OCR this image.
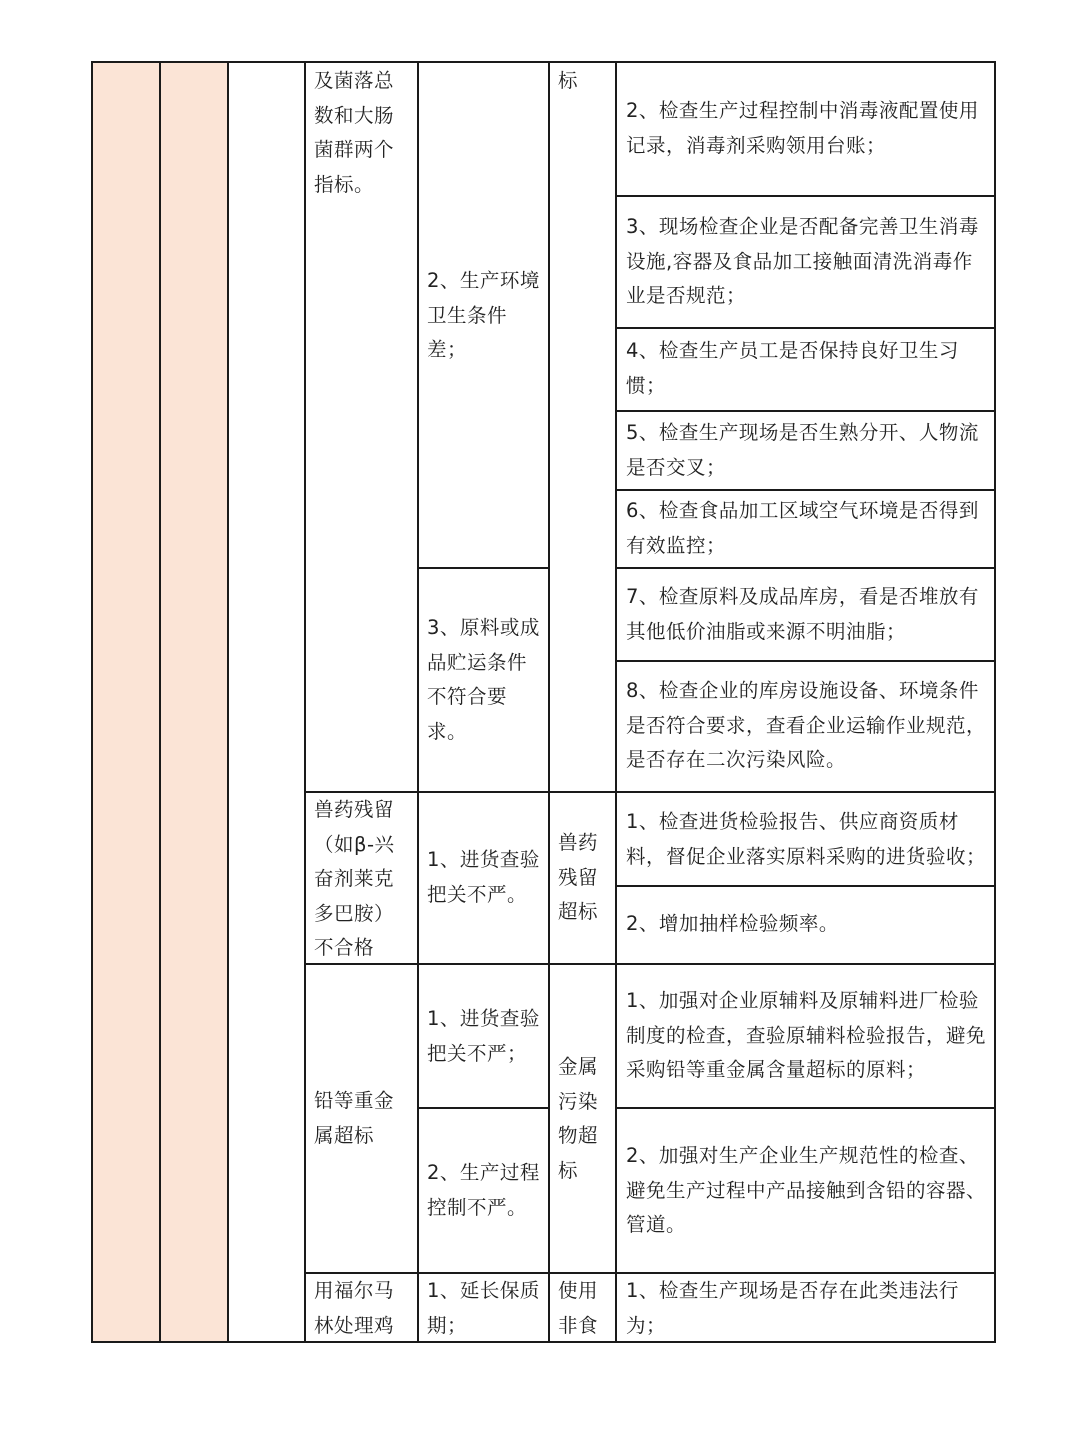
及菌落总数和大肠菌群两个指标。
兽药残留（如β-兴奋剂莱克多巴胺）不合格
铅等重金属超标
用福尔马林处理鸡
2、生产环境卫生条件差；
3、原料或成品贮运条件不符合要求。
1、进货查验把关不严。
1、进货查验把关不严；
2、生产过程控制不严。
1、延长保质期；
标
兽药残留超标
金属污染物超标
使用非食
2、检查生产过程控制中消毒液配置使用记录，消毒剂采购领用台账；
3、现场检查企业是否配备完善卫生消毒设施,容器及食品加工接触面清洗消毒作业是否规范；
4、检查生产员工是否保持良好卫生习惯；
5、检查生产现场是否生熟分开、人物流是否交叉；
6、检查食品加工区域空气环境是否得到有效监控；
7、检查原料及成品库房，看是否堆放有其他低价油脂或来源不明油脂；
8、检查企业的库房设施设备、环境条件是否符合要求，查看企业运输作业规范，是否存在二次污染风险。
1、检查进货检验报告、供应商资质材料，督促企业落实原料采购的进货验收；
2、增加抽样检验频率。
1、加强对企业原辅料及原辅料进厂检验制度的检查，查验原辅料检验报告，避免采购铅等重金属含量超标的原料；
2、加强对生产企业生产规范性的检查、避免生产过程中产品接触到含铅的容器、管道。
1、检查生产现场是否存在此类违法行为；
